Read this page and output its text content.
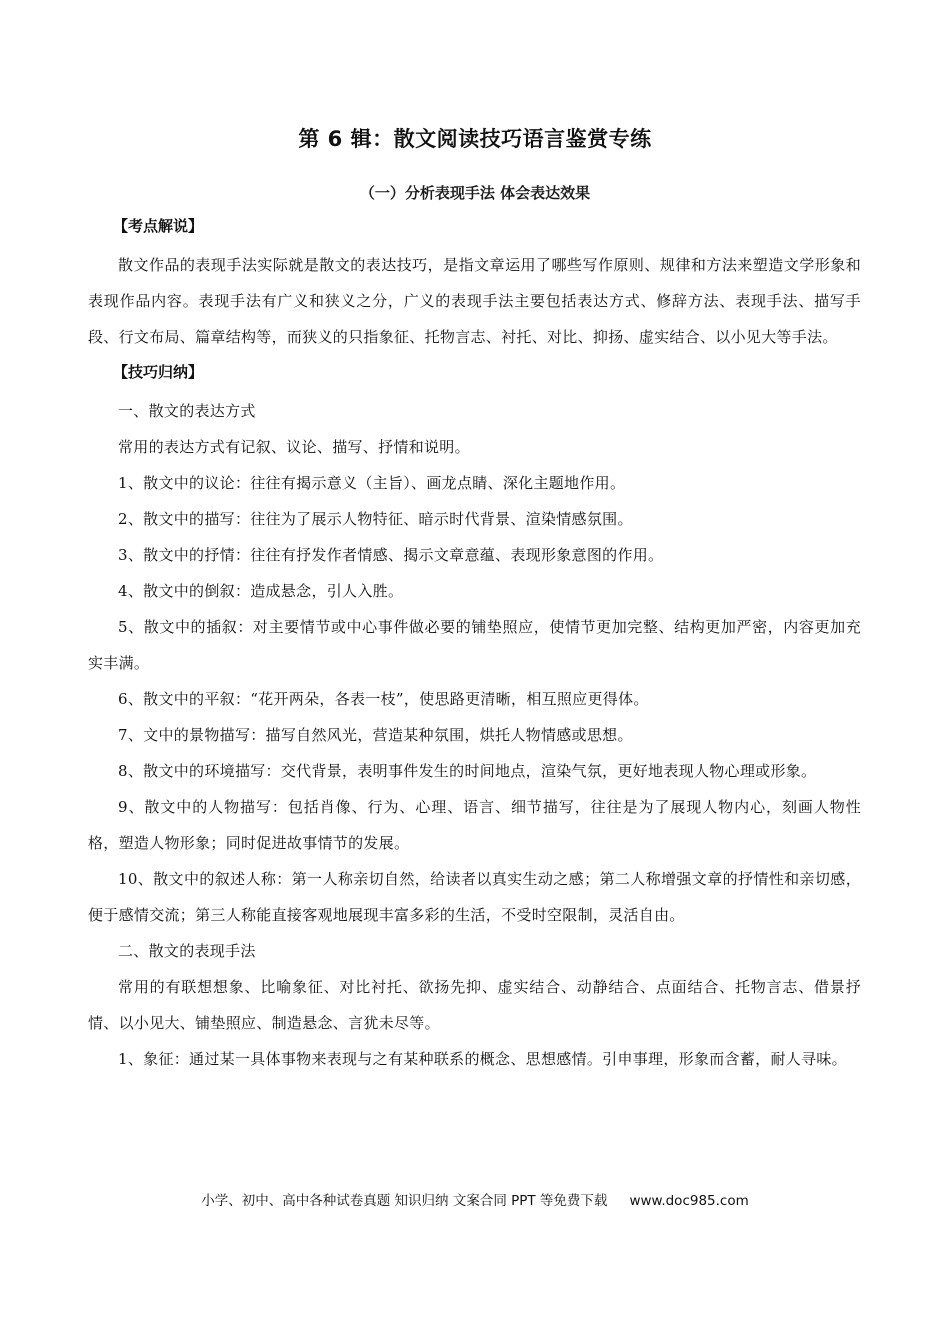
第 6 辑：散文阅读技巧语言鉴赏专练
（一）分析表现手法 体会表达效果
【考点解说】

散文作品的表现手法实际就是散文的表达技巧，是指文章运用了哪些写作原则、规律和方法来塑造文学形象和表现作品内容。表现手法有广义和狭义之分，广义的表现手法主要包括表达方式、修辞方法、表现手法、描写手段、行文布局、篇章结构等，而狭义的只指象征、托物言志、衬托、对比、抑扬、虚实结合、以小见大等手法。

【技巧归纳】

一、散文的表达方式

常用的表达方式有记叙、议论、描写、抒情和说明。

1、散文中的议论：往往有揭示意义（主旨）、画龙点睛、深化主题地作用。

2、散文中的描写：往往为了展示人物特征、暗示时代背景、渲染情感氛围。

3、散文中的抒情：往往有抒发作者情感、揭示文章意蕴、表现形象意图的作用。

4、散文中的倒叙：造成悬念，引人入胜。

5、散文中的插叙：对主要情节或中心事件做必要的铺垫照应，使情节更加完整、结构更加严密，内容更加充实丰满。

6、散文中的平叙：“花开两朵，各表一枝”，使思路更清晰，相互照应更得体。

7、文中的景物描写：描写自然风光，营造某种氛围，烘托人物情感或思想。

8、散文中的环境描写：交代背景，表明事件发生的时间地点，渲染气氛，更好地表现人物心理或形象。

9、散文中的人物描写：包括肖像、行为、心理、语言、细节描写，往往是为了展现人物内心，刻画人物性格，塑造人物形象；同时促进故事情节的发展。

10、散文中的叙述人称：第一人称亲切自然，给读者以真实生动之感；第二人称增强文章的抒情性和亲切感，便于感情交流；第三人称能直接客观地展现丰富多彩的生活，不受时空限制，灵活自由。

二、散文的表现手法

常用的有联想想象、比喻象征、对比衬托、欲扬先抑、虚实结合、动静结合、点面结合、托物言志、借景抒情、以小见大、铺垫照应、制造悬念、言犹未尽等。

1、象征：通过某一具体事物来表现与之有某种联系的概念、思想感情。引申事理，形象而含蓄，耐人寻味。

小学、初中、高中各种试卷真题 知识归纳 文案合同 PPT 等免费下载 www.doc985.com
